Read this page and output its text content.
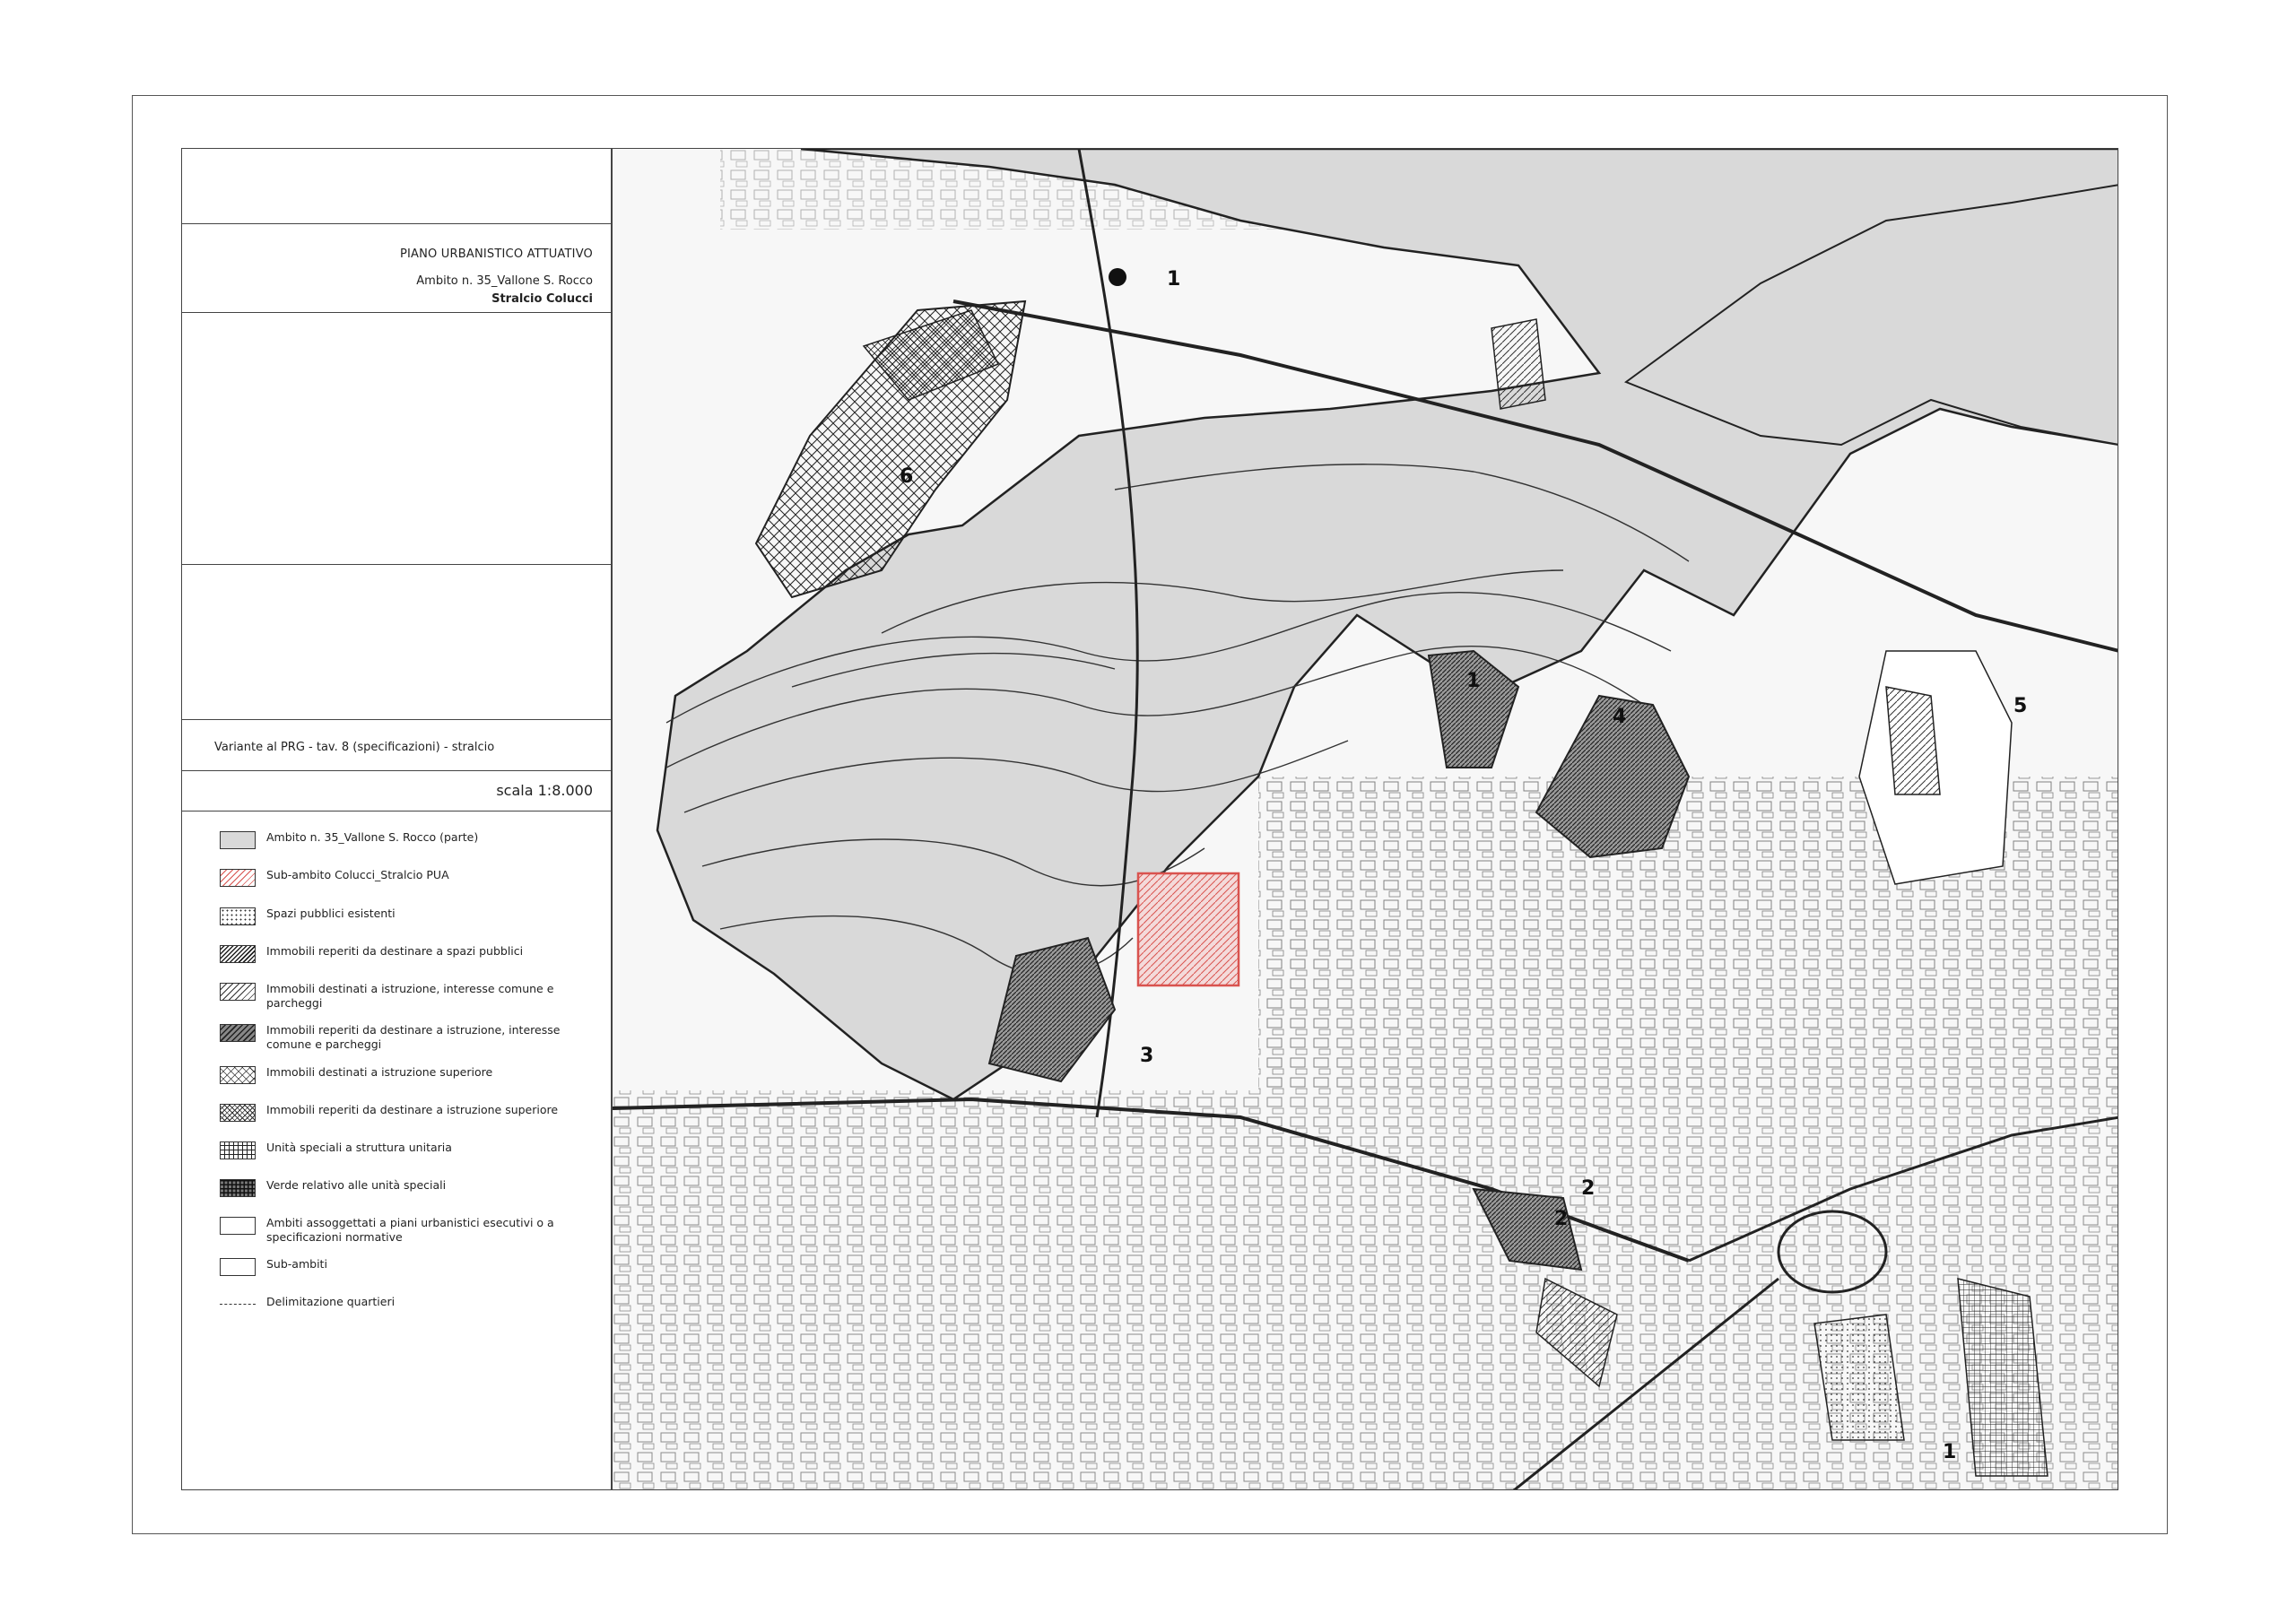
PIANO URBANISTICO ATTUATIVO
Ambito n. 35_Vallone S. Rocco
Stralcio Colucci
Variante al PRG - tav. 8 (specificazioni) - stralcio
scala 1:8.000
Ambito n. 35_Vallone S. Rocco (parte)
Sub-ambito Colucci_Stralcio PUA
Spazi pubblici esistenti
Immobili reperiti da destinare a spazi pubblici
Immobili destinati a istruzione, interesse comune e parcheggi
Immobili reperiti da destinare a istruzione, interesse comune e parcheggi
Immobili destinati a istruzione superiore
Immobili reperiti da destinare a istruzione superiore
Unità speciali a struttura unitaria
Verde relativo alle unità speciali
Ambiti assoggettati a piani urbanistici esecutivi o a specificazioni normative
Sub-ambiti
Delimitazione quartieri
1
6
1
4	5
3
2
2
1
